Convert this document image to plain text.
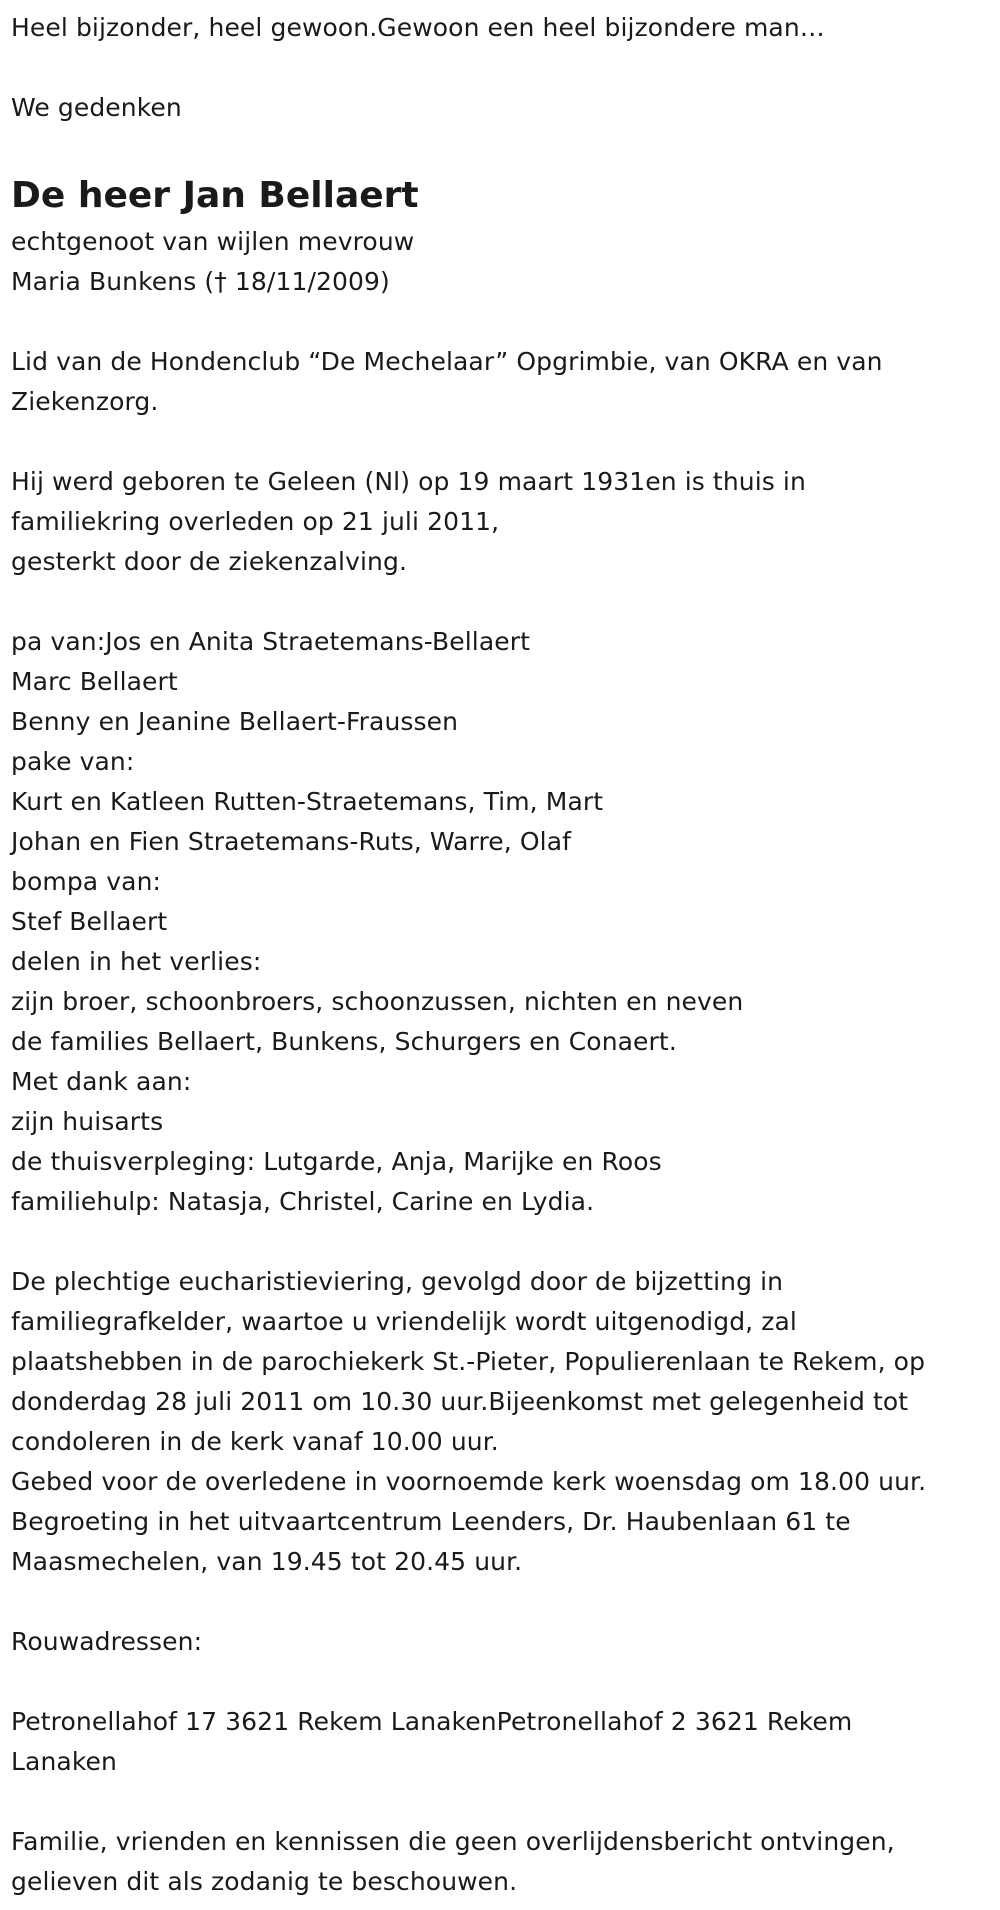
Heel bijzonder, heel gewoon.Gewoon een heel bijzondere man…
We gedenken
De heer Jan Bellaert
echtgenoot van wijlen mevrouw
Maria Bunkens († 18/11/2009)
Lid van de Hondenclub “De Mechelaar” Opgrimbie, van OKRA en van
Ziekenzorg.
Hij werd geboren te Geleen (Nl) op 19 maart 1931en is thuis in
familiekring overleden op 21 juli 2011,
gesterkt door de ziekenzalving.
pa van:Jos en Anita Straetemans-Bellaert
Marc Bellaert
Benny en Jeanine Bellaert-Fraussen
pake van:
Kurt en Katleen Rutten-Straetemans, Tim, Mart
Johan en Fien Straetemans-Ruts, Warre, Olaf
bompa van:
Stef Bellaert
delen in het verlies:
zijn broer, schoonbroers, schoonzussen, nichten en neven
de families Bellaert, Bunkens, Schurgers en Conaert.
Met dank aan:
zijn huisarts
de thuisverpleging: Lutgarde, Anja, Marijke en Roos
familiehulp: Natasja, Christel, Carine en Lydia.
De plechtige eucharistieviering, gevolgd door de bijzetting in
familiegrafkelder, waartoe u vriendelijk wordt uitgenodigd, zal
plaatshebben in de parochiekerk St.-Pieter, Populierenlaan te Rekem, op
donderdag 28 juli 2011 om 10.30 uur.Bijeenkomst met gelegenheid tot
condoleren in de kerk vanaf 10.00 uur.
Gebed voor de overledene in voornoemde kerk woensdag om 18.00 uur.
Begroeting in het uitvaartcentrum Leenders, Dr. Haubenlaan 61 te
Maasmechelen, van 19.45 tot 20.45 uur.
Rouwadressen:
Petronellahof 17 3621 Rekem LanakenPetronellahof 2 3621 Rekem
Lanaken
Familie, vrienden en kennissen die geen overlijdensbericht ontvingen,
gelieven dit als zodanig te beschouwen.
